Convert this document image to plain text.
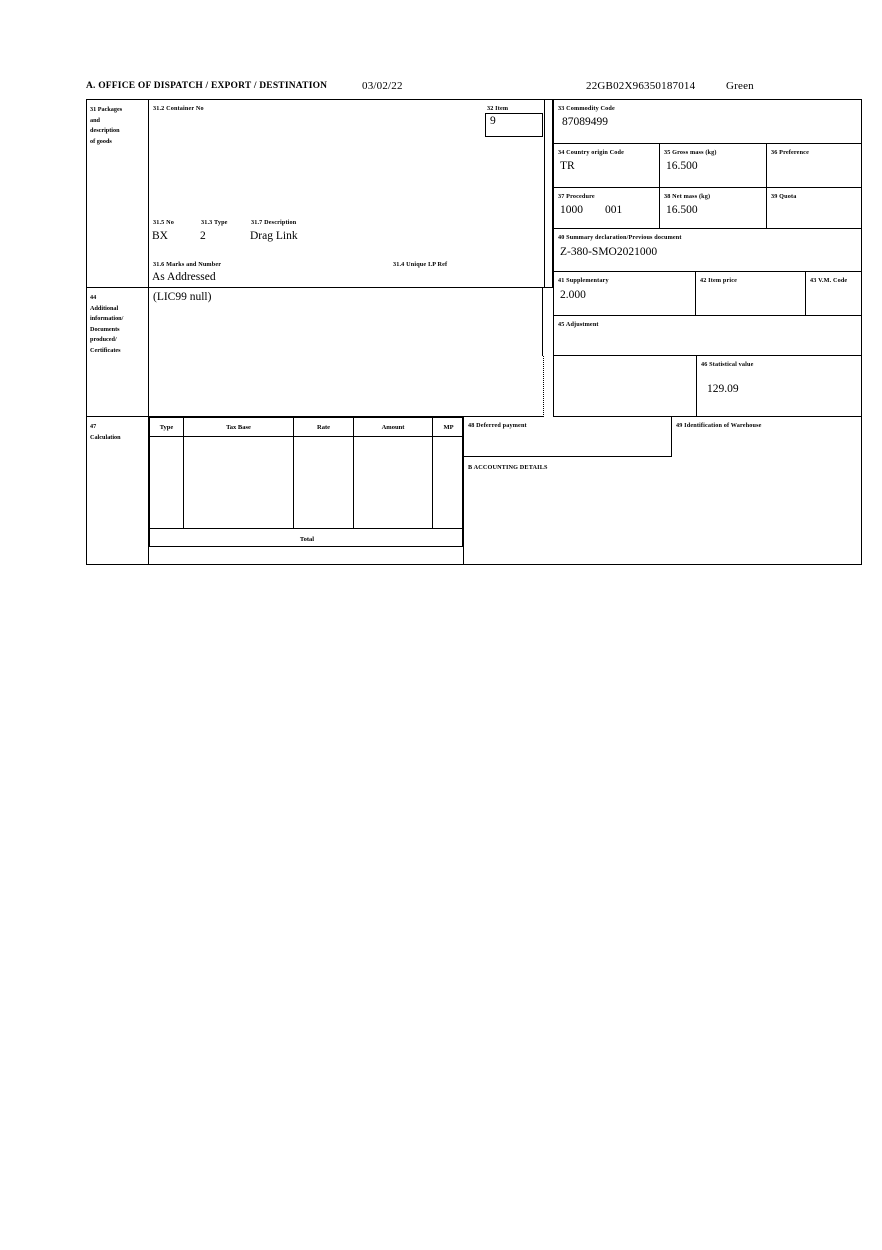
A. OFFICE OF DISPATCH / EXPORT / DESTINATION	03/02/22	22GB02X96350187014	Green
31 Packages
and
description
of goods
31.2 Container No
31.5 No	31.3 Type	31.7 Description
BX	2	Drag Link
31.6 Marks and Number	31.4 Unique I.P Ref
As Addressed
32 Item
9
33 Commodity Code
87089499
34 Country origin Code
TR
35 Gross mass (kg)
16.500
36 Preference
37 Procedure
1000 001
38 Net mass (kg)
16.500
39 Quota
40 Summary declaration/Previous document
Z-380-SMO2021000
41 Supplementary
2.000
42 Item price	43 V.M. Code
45 Adjustment
46 Statistical value
129.09
44
Additional
information/
Documents
produced/
Certificates
(LIC99 null)
47
Calculation
Type	Tax Base	Rate	Amount	MP
Total
48 Deferred payment	49 Identification of Warehouse
B ACCOUNTING DETAILS
